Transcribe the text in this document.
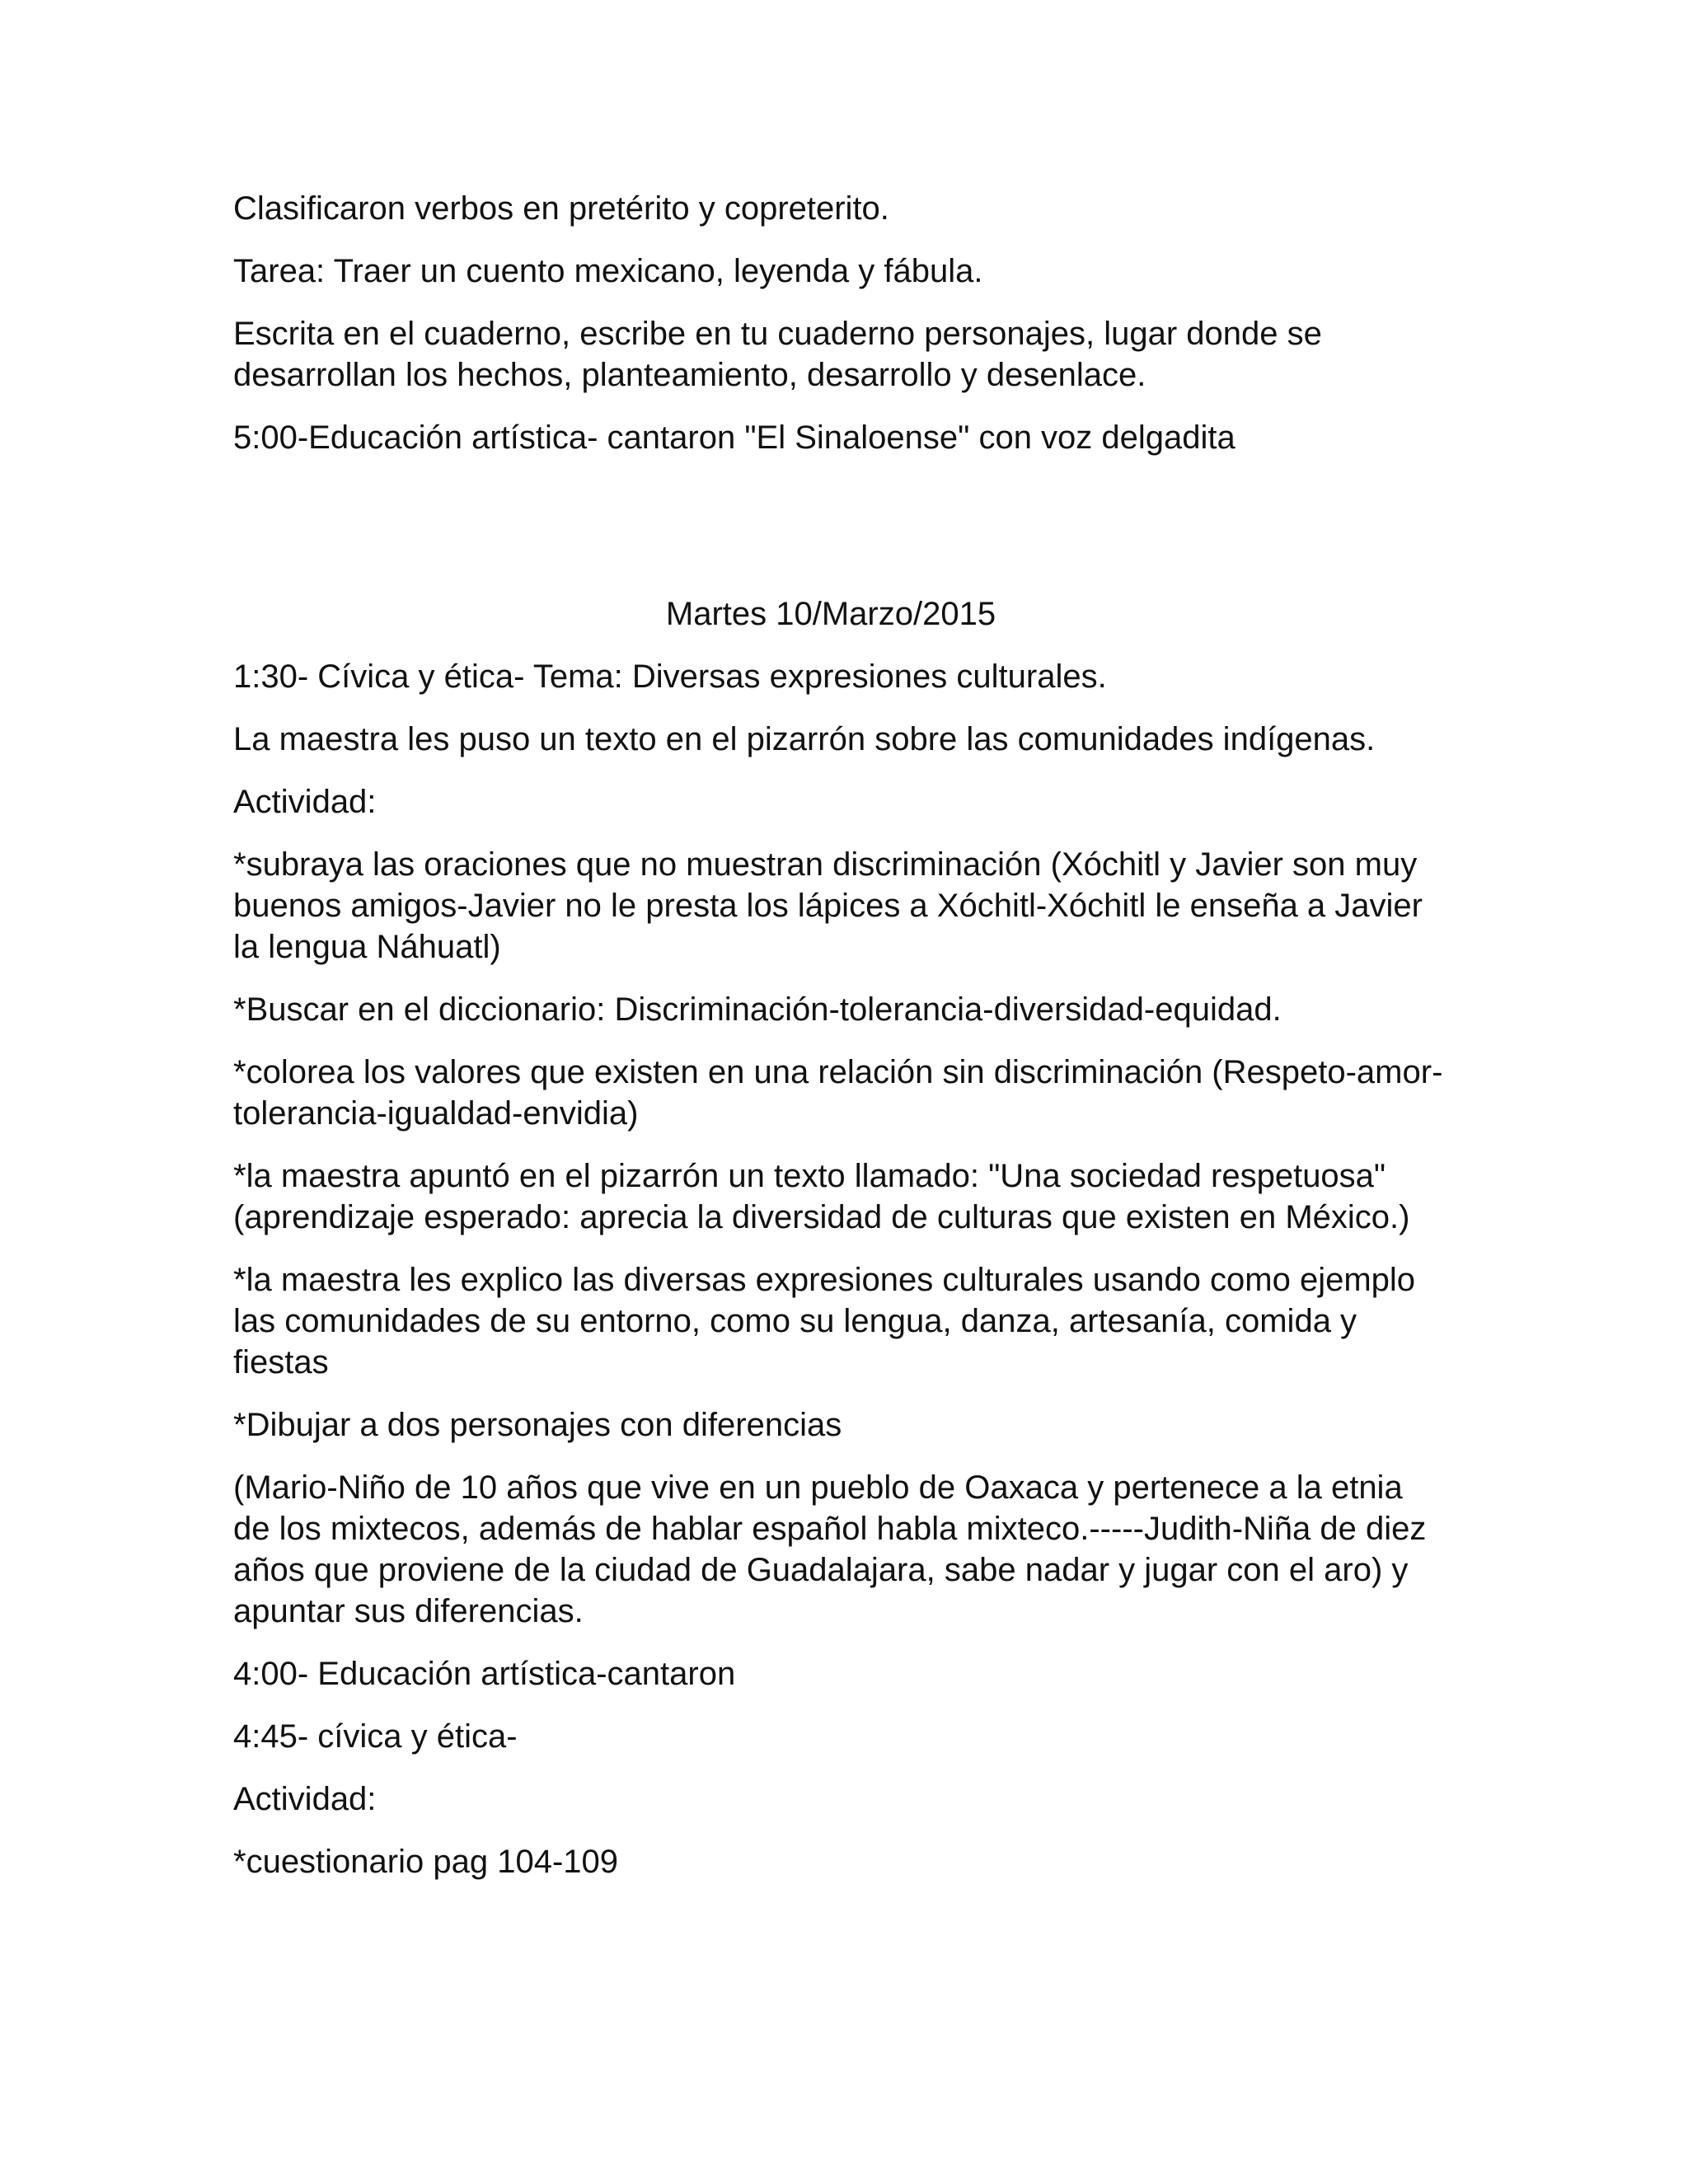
Clasificaron verbos en pretérito y copreterito.
Tarea: Traer un cuento mexicano, leyenda y fábula.
Escrita en el cuaderno, escribe en tu cuaderno personajes, lugar donde se
desarrollan los hechos, planteamiento, desarrollo y desenlace.
5:00-Educación artística- cantaron "El Sinaloense" con voz delgadita
Martes 10/Marzo/2015
1:30- Cívica y ética- Tema: Diversas expresiones culturales.
La maestra les puso un texto en el pizarrón sobre las comunidades indígenas.
Actividad:
*subraya las oraciones que no muestran discriminación (Xóchitl y Javier son muy
buenos amigos-Javier no le presta los lápices a Xóchitl-Xóchitl le enseña a Javier
la lengua Náhuatl)
*Buscar en el diccionario: Discriminación-tolerancia-diversidad-equidad.
*colorea los valores que existen en una relación sin discriminación (Respeto-amor-
tolerancia-igualdad-envidia)
*la maestra apuntó en el pizarrón un texto llamado: "Una sociedad respetuosa"
(aprendizaje esperado: aprecia la diversidad de culturas que existen en México.)
*la maestra les explico las diversas expresiones culturales usando como ejemplo
las comunidades de su entorno, como su lengua, danza, artesanía, comida y
fiestas
*Dibujar a dos personajes con diferencias
(Mario-Niño de 10 años que vive en un pueblo de Oaxaca y pertenece a la etnia
de los mixtecos, además de hablar español habla mixteco.-----Judith-Niña de diez
años que proviene de la ciudad de Guadalajara, sabe nadar y jugar con el aro) y
apuntar sus diferencias.
4:00- Educación artística-cantaron
4:45- cívica y ética-
Actividad:
*cuestionario pag 104-109
